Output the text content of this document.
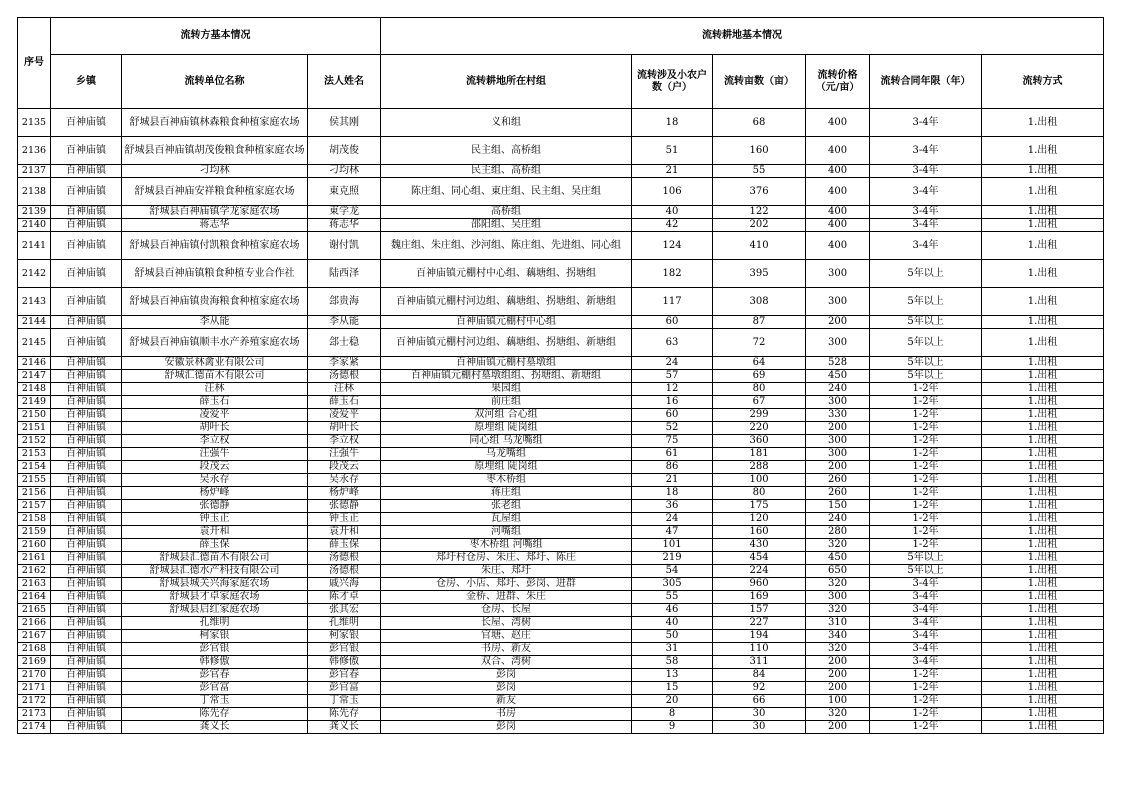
序号	流转方基本情况			流转耕地基本情况					
	乡镇	流转单位名称	法人姓名	流转耕地所在村组	流转涉及小农户数（户）	流转亩数（亩）	流转价格（元/亩）	流转合同年限（年）	流转方式
2135	百神庙镇	舒城县百神庙镇林森粮食种植家庭农场	侯其刚	义和组	18	68	400	3-4年	1.出租
2136	百神庙镇	舒城县百神庙镇胡茂俊粮食种植家庭农场	胡茂俊	民主组、高桥组	51	160	400	3-4年	1.出租
2137	百神庙镇	刁均林	刁均林	民主组、高桥组	21	55	400	3-4年	1.出租
2138	百神庙镇	舒城县百神庙安祥粮食种植家庭农场	東克照	陈庄组、同心组、東庄组、民主组、吴庄组	106	376	400	3-4年	1.出租
2139	百神庙镇	舒城县百神庙镇学龙家庭农场	東学龙	高桥组	40	122	400	3-4年	1.出租
2140	百神庙镇	蒋志华	蒋志华	邵阳组、吴庄组	42	202	400	3-4年	1.出租
2141	百神庙镇	舒城县百神庙镇付凯粮食种植家庭农场	谢付凯	魏庄组、朱庄组、沙河组、陈庄组、先进组、同心组	124	410	400	3-4年	1.出租
2142	百神庙镇	舒城县百神庙镇粮食种植专业合作社	陆西泽	百神庙镇元棚村中心组、藕塘组、拐塘组	182	395	300	5年以上	1.出租
2143	百神庙镇	舒城县百神庙镇贵海粮食种植家庭农场	郐贵海	百神庙镇元棚村河边组、藕塘组、拐塘组、新塘组	117	308	300	5年以上	1.出租
2144	百神庙镇	李从能	李从能	百神庙镇元棚村中心组	60	87	200	5年以上	1.出租
2145	百神庙镇	舒城县百神庙镇顺丰水产养殖家庭农场	郐士稳	百神庙镇元棚村河边组、藕塘组、拐塘组、新塘组	63	72	300	5年以上	1.出租
2146	百神庙镇	安徽景林禽业有限公司	李家紧	百神庙镇元棚村墓墩组	24	64	528	5年以上	1.出租
2147	百神庙镇	舒城汇德苗木有限公司	汤德根	百神庙镇元棚村墓墩组组、拐塘组、新塘组	57	69	450	5年以上	1.出租
2148	百神庙镇	汪林	汪林	果园组	12	80	240	1-2年	1.出租
2149	百神庙镇	薛玉石	薛玉石	前庄组	16	67	300	1-2年	1.出租
2150	百神庙镇	凌爱平	凌爱平	双河组 合心组	60	299	330	1-2年	1.出租
2151	百神庙镇	胡叶长	胡叶长	原埋组 陡岗组	52	220	200	1-2年	1.出租
2152	百神庙镇	李立权	李立权	同心组 乌龙嘴组	75	360	300	1-2年	1.出租
2153	百神庙镇	汪强牛	汪强牛	乌龙嘴组	61	181	300	1-2年	1.出租
2154	百神庙镇	段茂云	段茂云	原埋组 陡岗组	86	288	200	1-2年	1.出租
2155	百神庙镇	吴永存	吴永存	枣木桥组	21	100	260	1-2年	1.出租
2156	百神庙镇	杨炉峰	杨炉峰	蒋庄组	18	80	260	1-2年	1.出租
2157	百神庙镇	张德静	张德静	张老组	36	175	150	1-2年	1.出租
2158	百神庙镇	钟玉正	钟玉正	瓦屋组	24	120	240	1-2年	1.出租
2159	百神庙镇	袁开和	袁开和	河嘴组	47	160	280	1-2年	1.出租
2160	百神庙镇	薛玉保	薛玉保	枣木桥组 河嘴组	101	430	320	1-2年	1.出租
2161	百神庙镇	舒城县汇德苗木有限公司	汤德根	郑圩村仓房、朱庄、郑圩、陈庄	219	454	450	5年以上	1.出租
2162	百神庙镇	舒城县汇德水产科技有限公司	汤德根	朱庄、郑圩	54	224	650	5年以上	1.出租
2163	百神庙镇	舒城县城关兴海家庭农场	戚兴海	仓房、小店、郑圩、彭岗、进群	305	960	320	3-4年	1.出租
2164	百神庙镇	舒城县才卓家庭农场	陈才卓	金桥、进群、朱庄	55	169	300	3-4年	1.出租
2165	百神庙镇	舒城县启红家庭农场	张其宏	仓房、长屋	46	157	320	3-4年	1.出租
2166	百神庙镇	孔维明	孔维明	长屋、湾树	40	227	310	3-4年	1.出租
2167	百神庙镇	柯家银	柯家银	官塘、赵庄	50	194	340	3-4年	1.出租
2168	百神庙镇	彭官银	彭官银	书房、新友	31	110	320	3-4年	1.出租
2169	百神庙镇	韩修傲	韩修傲	双合、湾树	58	311	200	3-4年	1.出租
2170	百神庙镇	彭官春	彭官春	彭岗	13	84	200	1-2年	1.出租
2171	百神庙镇	彭官富	彭官富	彭岗	15	92	200	1-2年	1.出租
2172	百神庙镇	丁常玉	丁常玉	新友	20	66	100	1-2年	1.出租
2173	百神庙镇	陈先存	陈先存	书房	8	30	320	1-2年	1.出租
2174	百神庙镇	龚义长	龚义长	彭岗	9	30	200	1-2年	1.出租
